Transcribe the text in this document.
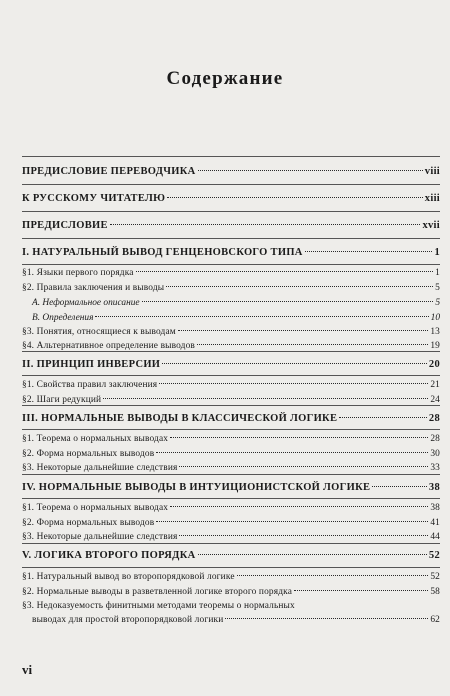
Содержание
ПРЕДИСЛОВИЕ ПЕРЕВОДЧИКА	viii
К РУССКОМУ ЧИТАТЕЛЮ	xiii
ПРЕДИСЛОВИЕ	xvii
I. НАТУРАЛЬНЫЙ ВЫВОД ГЕНЦЕНОВСКОГО ТИПА	1
§1. Языки первого порядка	1
§2. Правила заключения и выводы	5
A. Неформальное описание	5
B. Определения	10
§3. Понятия, относящиеся к выводам	13
§4. Альтернативное определение выводов	19
II. ПРИНЦИП ИНВЕРСИИ	20
§1. Свойства правил заключения	21
§2. Шаги редукций	24
III. НОРМАЛЬНЫЕ ВЫВОДЫ В КЛАССИЧЕСКОЙ ЛОГИКЕ	28
§1. Теорема о нормальных выводах	28
§2. Форма нормальных выводов	30
§3. Некоторые дальнейшие следствия	33
IV. НОРМАЛЬНЫЕ ВЫВОДЫ В ИНТУИЦИОНИСТСКОЙ ЛОГИКЕ	38
§1. Теорема о нормальных выводах	38
§2. Форма нормальных выводов	41
§3. Некоторые дальнейшие следствия	44
V. ЛОГИКА ВТОРОГО ПОРЯДКА	52
§1. Натуральный вывод во второпорядковой логике	52
§2. Нормальные выводы в разветвленной логике второго порядка	58
§3. Недоказуемость финитными методами теоремы о нормальных
выводах для простой второпорядковой логики	62
vi
